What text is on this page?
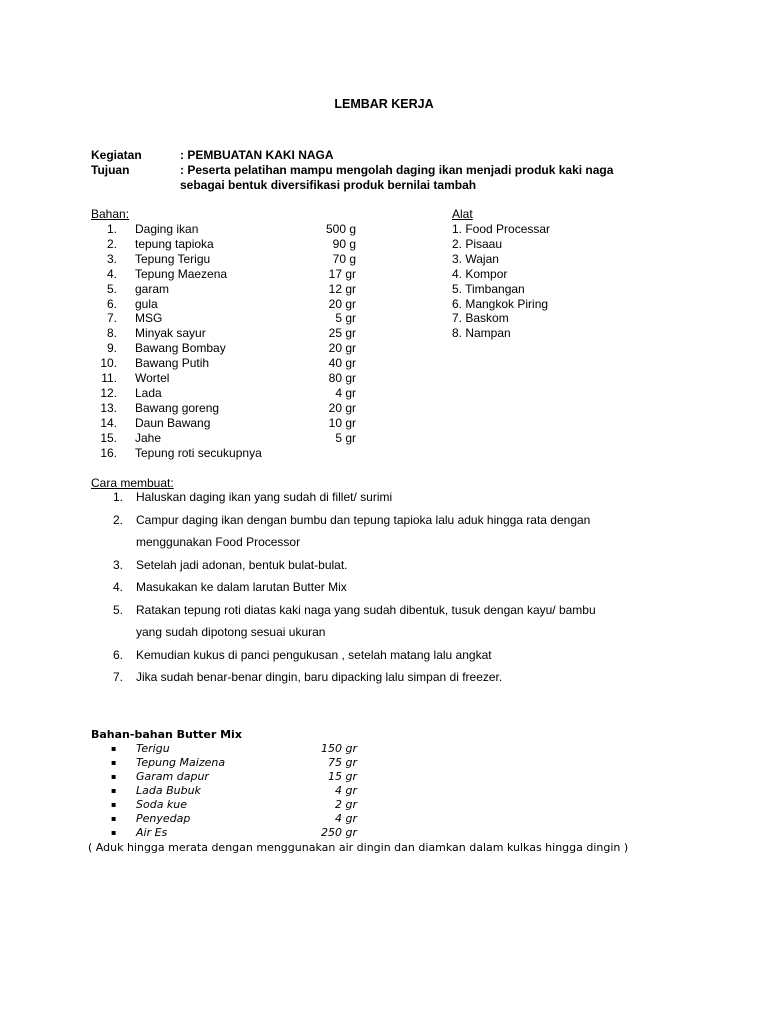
LEMBAR KERJA
Kegiatan	: PEMBUATAN KAKI NAGA
Tujuan	: Peserta pelatihan mampu mengolah daging ikan menjadi produk kaki naga
sebagai bentuk diversifikasi produk bernilai tambah
Bahan:
1. Daging ikan	500 g
2. tepung tapioka	90 g
3. Tepung Terigu	70 g
4. Tepung Maezena	17 gr
5. garam	12 gr
6. gula	20 gr
7. MSG	5 gr
8. Minyak sayur	25 gr
9. Bawang Bombay	20 gr
10. Bawang Putih	40 gr
11. Wortel	80 gr
12. Lada	4 gr
13. Bawang goreng	20 gr
14. Daun Bawang	10 gr
15. Jahe	5 gr
16. Tepung roti secukupnya
Alat
1. Food Processar
2. Pisaau
3. Wajan
4. Kompor
5. Timbangan
6. Mangkok Piring
7. Baskom
8. Nampan
Cara membuat:
1. Haluskan daging ikan yang sudah di fillet/ surimi
2. Campur daging ikan dengan bumbu dan tepung tapioka lalu aduk hingga rata dengan
menggunakan Food Processor
3. Setelah jadi adonan, bentuk bulat-bulat.
4. Masukakan ke dalam larutan Butter Mix
5. Ratakan tepung roti diatas kaki naga yang sudah dibentuk, tusuk dengan kayu/ bambu
yang sudah dipotong sesuai ukuran
6. Kemudian kukus di panci pengukusan , setelah matang lalu angkat
7. Jika sudah benar-benar dingin, baru dipacking lalu simpan di freezer.
Bahan-bahan Butter Mix
▪ Terigu	150 gr
▪ Tepung Maizena	75 gr
▪ Garam dapur	15 gr
▪ Lada Bubuk	4 gr
▪ Soda kue	2 gr
▪ Penyedap	4 gr
▪ Air Es	250 gr
( Aduk hingga merata dengan menggunakan air dingin dan diamkan dalam kulkas hingga dingin )
